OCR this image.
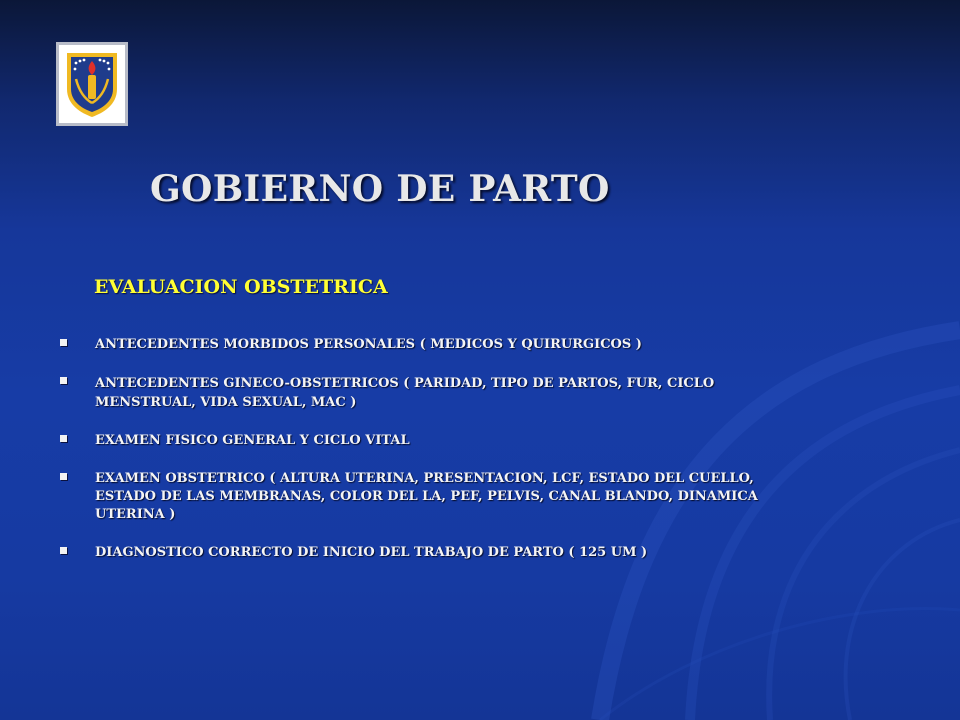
GOBIERNO DE PARTO
EVALUACION OBSTETRICA
ANTECEDENTES MORBIDOS PERSONALES ( MEDICOS Y QUIRURGICOS )
ANTECEDENTES GINECO-OBSTETRICOS ( PARIDAD, TIPO DE PARTOS, FUR, CICLO MENSTRUAL, VIDA SEXUAL, MAC )
EXAMEN FISICO GENERAL Y CICLO VITAL
EXAMEN OBSTETRICO ( ALTURA UTERINA, PRESENTACION, LCF, ESTADO DEL CUELLO, ESTADO DE LAS MEMBRANAS, COLOR DEL LA, PEF, PELVIS, CANAL BLANDO, DINAMICA UTERINA )
DIAGNOSTICO CORRECTO DE INICIO DEL TRABAJO DE PARTO ( 125 UM )
